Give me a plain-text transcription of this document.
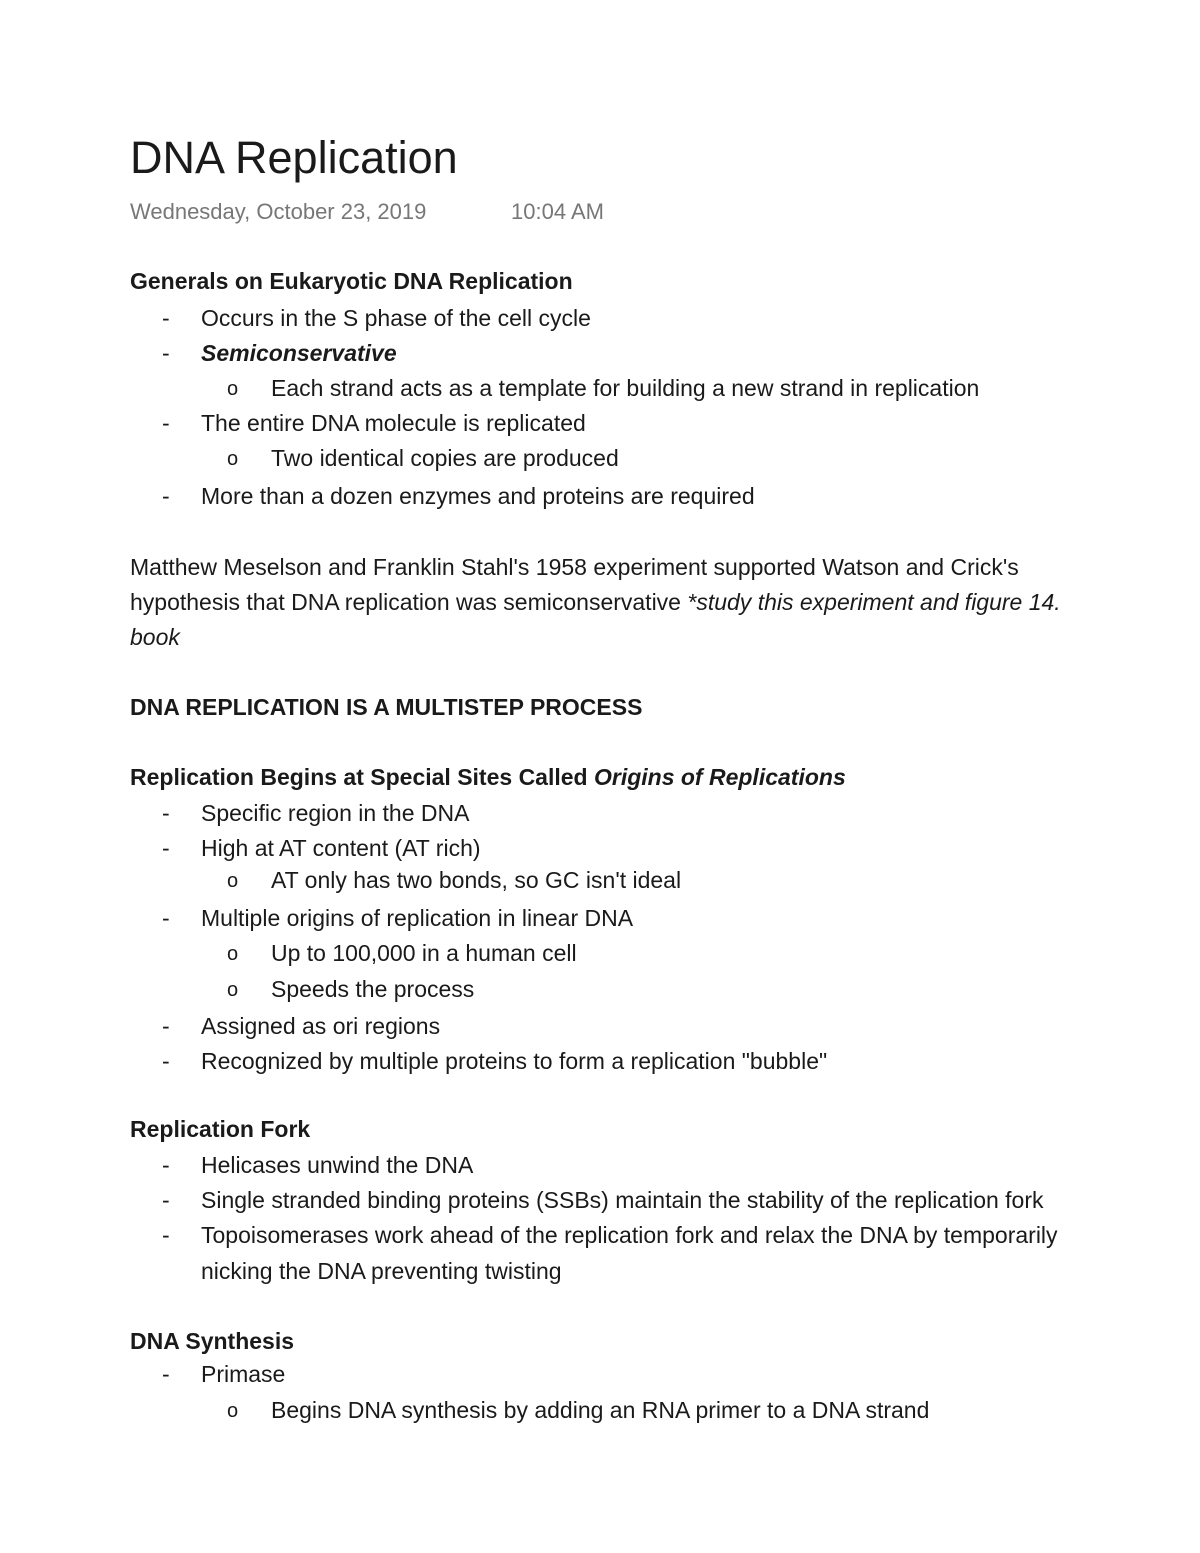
DNA Replication
Wednesday, October 23, 2019	10:04 AM
Generals on Eukaryotic DNA Replication
- Occurs in the S phase of the cell cycle
- Semiconservative
o Each strand acts as a template for building a new strand in replication
- The entire DNA molecule is replicated
o Two identical copies are produced
- More than a dozen enzymes and proteins are required
Matthew Meselson and Franklin Stahl's 1958 experiment supported Watson and Crick's
hypothesis that DNA replication was semiconservative *study this experiment and figure 14.
book
DNA REPLICATION IS A MULTISTEP PROCESS
Replication Begins at Special Sites Called Origins of Replications
- Specific region in the DNA
- High at AT content (AT rich)
o AT only has two bonds, so GC isn't ideal
- Multiple origins of replication in linear DNA
o Up to 100,000 in a human cell
o Speeds the process
- Assigned as ori regions
- Recognized by multiple proteins to form a replication "bubble"
Replication Fork
- Helicases unwind the DNA
- Single stranded binding proteins (SSBs) maintain the stability of the replication fork
- Topoisomerases work ahead of the replication fork and relax the DNA by temporarily
nicking the DNA preventing twisting
DNA Synthesis
- Primase
o Begins DNA synthesis by adding an RNA primer to a DNA strand
